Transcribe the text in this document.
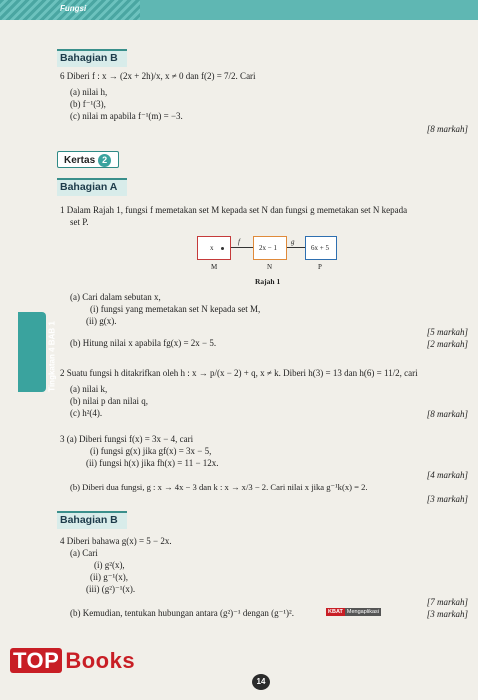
Fungsi
Bahagian B
6 Diberi f : x → (2x + 2h)/x, x ≠ 0 dan f(2) = 7/2. Cari
(a) nilai h,
(b) f⁻¹(3),
(c) nilai m apabila f⁻¹(m) = −3.
[8 markah]
Kertas 2
Bahagian A
1 Dalam Rajah 1, fungsi f memetakan set M kepada set N dan fungsi g memetakan set N kepada
set P.
x
f
2x − 1
g
6x + 5
M	N	P
Rajah 1
(a) Cari dalam sebutan x,
(i) fungsi yang memetakan set N kepada set M,
(ii) g(x).
[5 markah]
(b) Hitung nilai x apabila fg(x) = 2x − 5.	[2 markah]
2 Suatu fungsi h ditakrifkan oleh h : x → p/(x − 2) + q, x ≠ k. Diberi h(3) = 13 dan h(6) = 11/2, cari
(a) nilai k,
(b) nilai p dan nilai q,
(c) h²(4).	[8 markah]
3 (a) Diberi fungsi f(x) = 3x − 4, cari
(i) fungsi g(x) jika gf(x) = 3x − 5,
(ii) fungsi h(x) jika fh(x) = 11 − 12x.
[4 markah]
(b) Diberi dua fungsi, g : x → 4x − 3 dan k : x → x/3 − 2. Cari nilai x jika g⁻¹k(x) = 2.
[3 markah]
Bahagian B
4 Diberi bahawa g(x) = 5 − 2x.
(a) Cari
(i) g²(x),
(ii) g⁻¹(x),
(iii) (g²)⁻¹(x).
[7 markah]
(b) Kemudian, tentukan hubungan antara (g²)⁻¹ dengan (g⁻¹)².	[3 markah]
KBAT Mengaplikasi
Tingkatan 4 BAB 1
TOP Books
14
